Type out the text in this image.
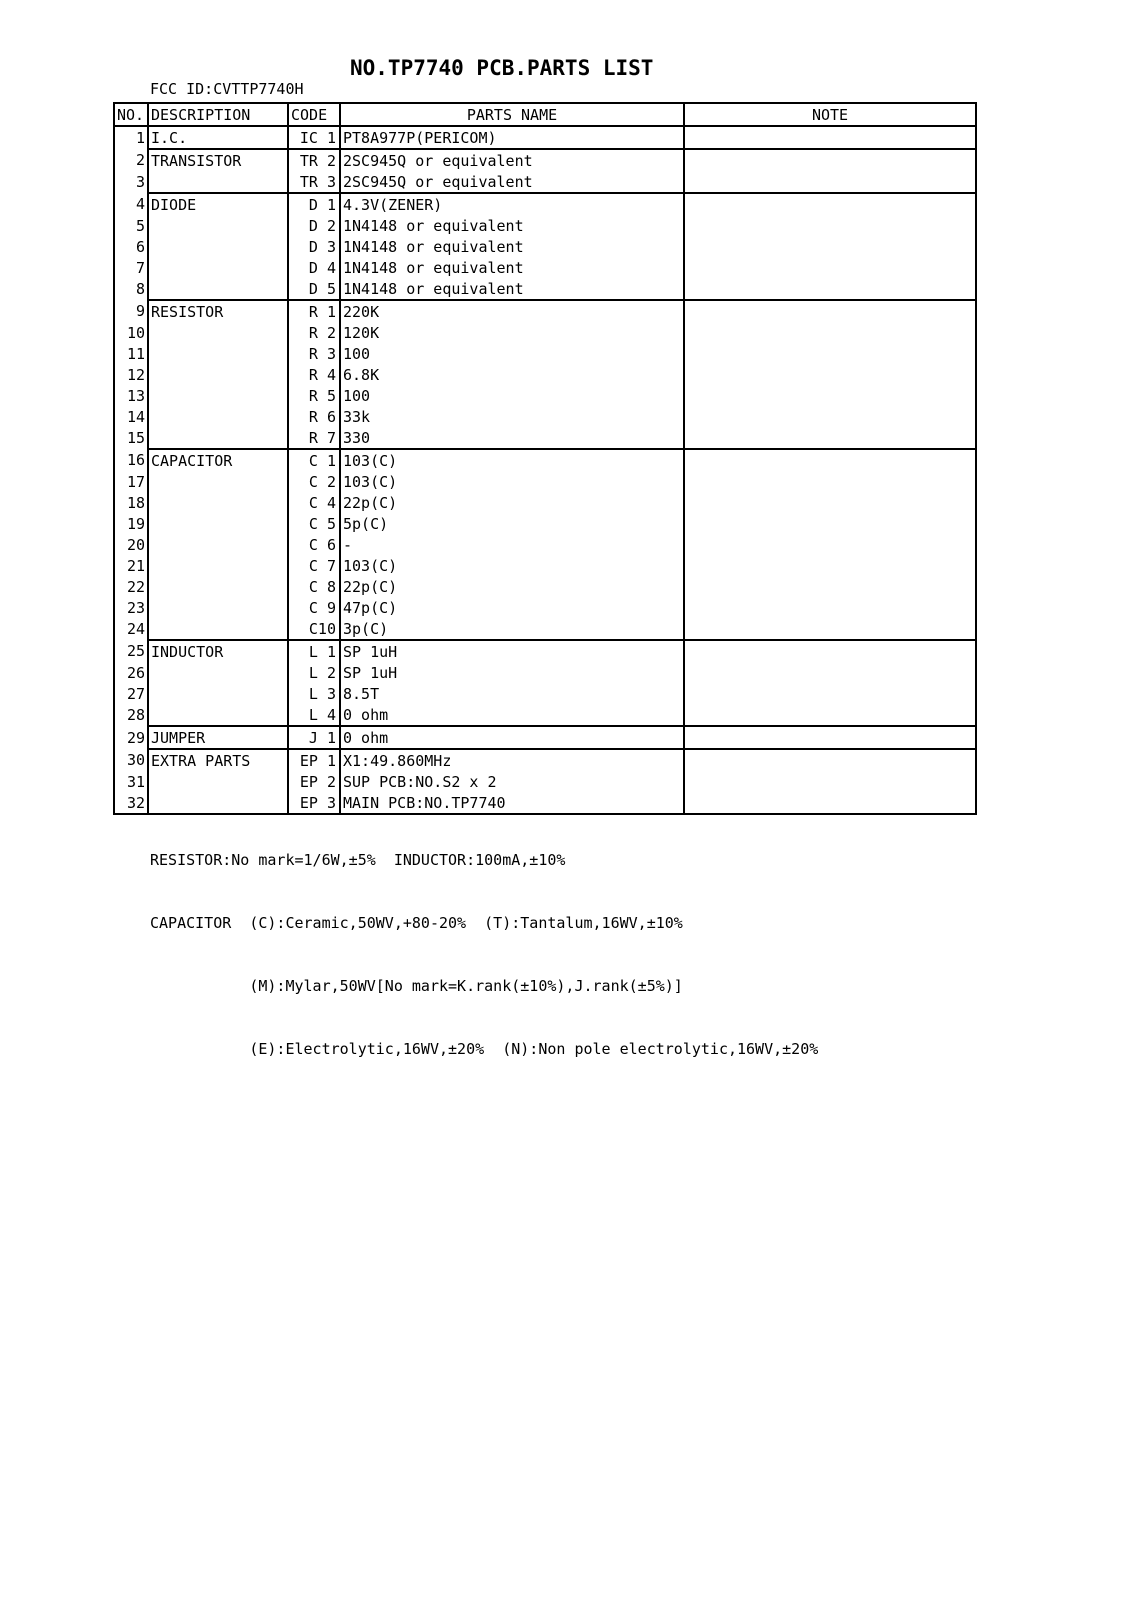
NO.TP7740 PCB.PARTS LIST
FCC ID:CVTTP7740H
NO.	DESCRIPTION	CODE	PARTS NAME	NOTE
1	I.C.	IC 1	PT8A977P(PERICOM)	
2	TRANSISTOR	TR 2	2SC945Q or equivalent	
3		TR 3	2SC945Q or equivalent	
4	DIODE	D 1	4.3V(ZENER)	
5		D 2	1N4148 or equivalent	
6		D 3	1N4148 or equivalent	
7		D 4	1N4148 or equivalent	
8		D 5	1N4148 or equivalent	
9	RESISTOR	R 1	220K	
10		R 2	120K	
11		R 3	100	
12		R 4	6.8K	
13		R 5	100	
14		R 6	33k	
15		R 7	330	
16	CAPACITOR	C 1	103(C)	
17		C 2	103(C)	
18		C 4	22p(C)	
19		C 5	5p(C)	
20		C 6	-	
21		C 7	103(C)	
22		C 8	22p(C)	
23		C 9	47p(C)	
24		C10	3p(C)	
25	INDUCTOR	L 1	SP 1uH	
26		L 2	SP 1uH	
27		L 3	8.5T	
28		L 4	0 ohm	
29	JUMPER	J 1	0 ohm	
30	EXTRA PARTS	EP 1	X1:49.860MHz	
31		EP 2	SUP PCB:NO.S2 x 2	
32		EP 3	MAIN PCB:NO.TP7740	

RESISTOR:No mark=1/6W,±5%  INDUCTOR:100mA,±10%

CAPACITOR  (C):Ceramic,50WV,+80-20%  (T):Tantalum,16WV,±10%

(M):Mylar,50WV[No mark=K.rank(±10%),J.rank(±5%)]

(E):Electrolytic,16WV,±20%  (N):Non pole electrolytic,16WV,±20%
